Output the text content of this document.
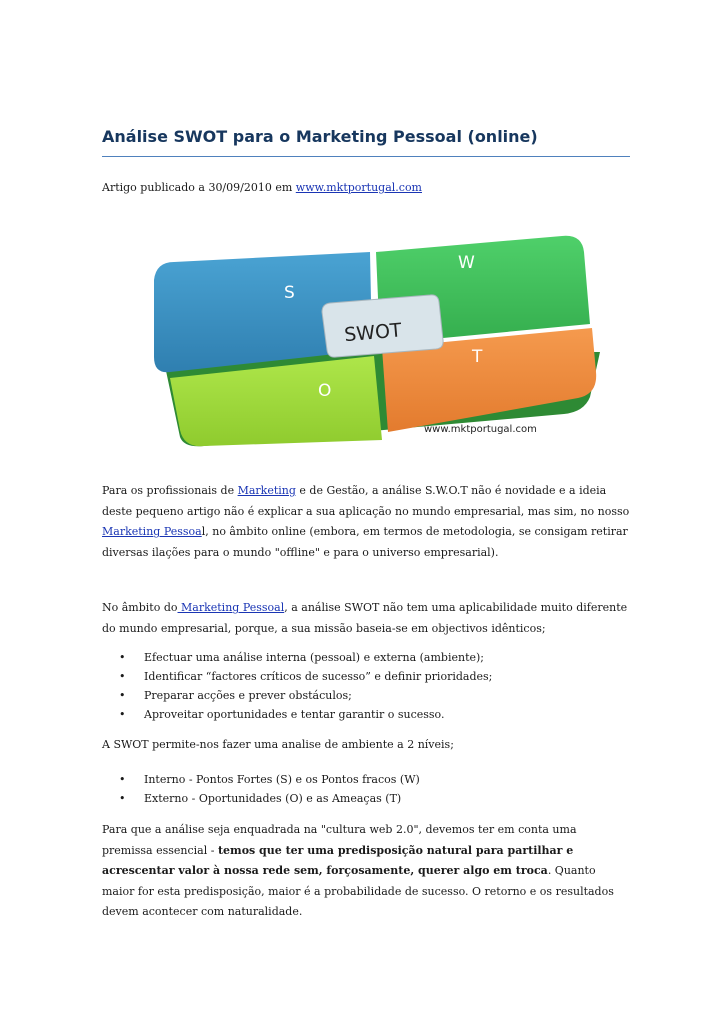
Análise SWOT para o Marketing Pessoal (online)
Artigo publicado a 30/09/2010 em www.mktportugal.com
S
W
O
T
SWOT
www.mktportugal.com

Para os profissionais de Marketing e de Gestão, a análise S.W.O.T não é novidade e a ideia deste pequeno artigo não é explicar a sua aplicação no mundo empresarial, mas sim, no nosso Marketing Pessoal, no âmbito online (embora, em termos de metodologia, se consigam retirar diversas ilações para o mundo "offline" e para o universo empresarial).

No âmbito do Marketing Pessoal, a análise SWOT não tem uma aplicabilidade muito diferente do mundo empresarial, porque, a sua missão baseia-se em objectivos idênticos;

• Efectuar uma análise interna (pessoal) e externa (ambiente);
• Identificar “factores críticos de sucesso” e definir prioridades;
• Preparar acções e prever obstáculos;
• Aproveitar oportunidades e tentar garantir o sucesso.

A SWOT permite-nos fazer uma analise de ambiente a 2 níveis;

• Interno - Pontos Fortes (S) e os Pontos fracos (W)
• Externo - Oportunidades (O) e as Ameaças (T)

Para que a análise seja enquadrada na "cultura web 2.0", devemos ter em conta uma premissa essencial - temos que ter uma predisposição natural para partilhar e acrescentar valor à nossa rede sem, forçosamente, querer algo em troca. Quanto maior for esta predisposição, maior é a probabilidade de sucesso. O retorno e os resultados devem acontecer com naturalidade.
